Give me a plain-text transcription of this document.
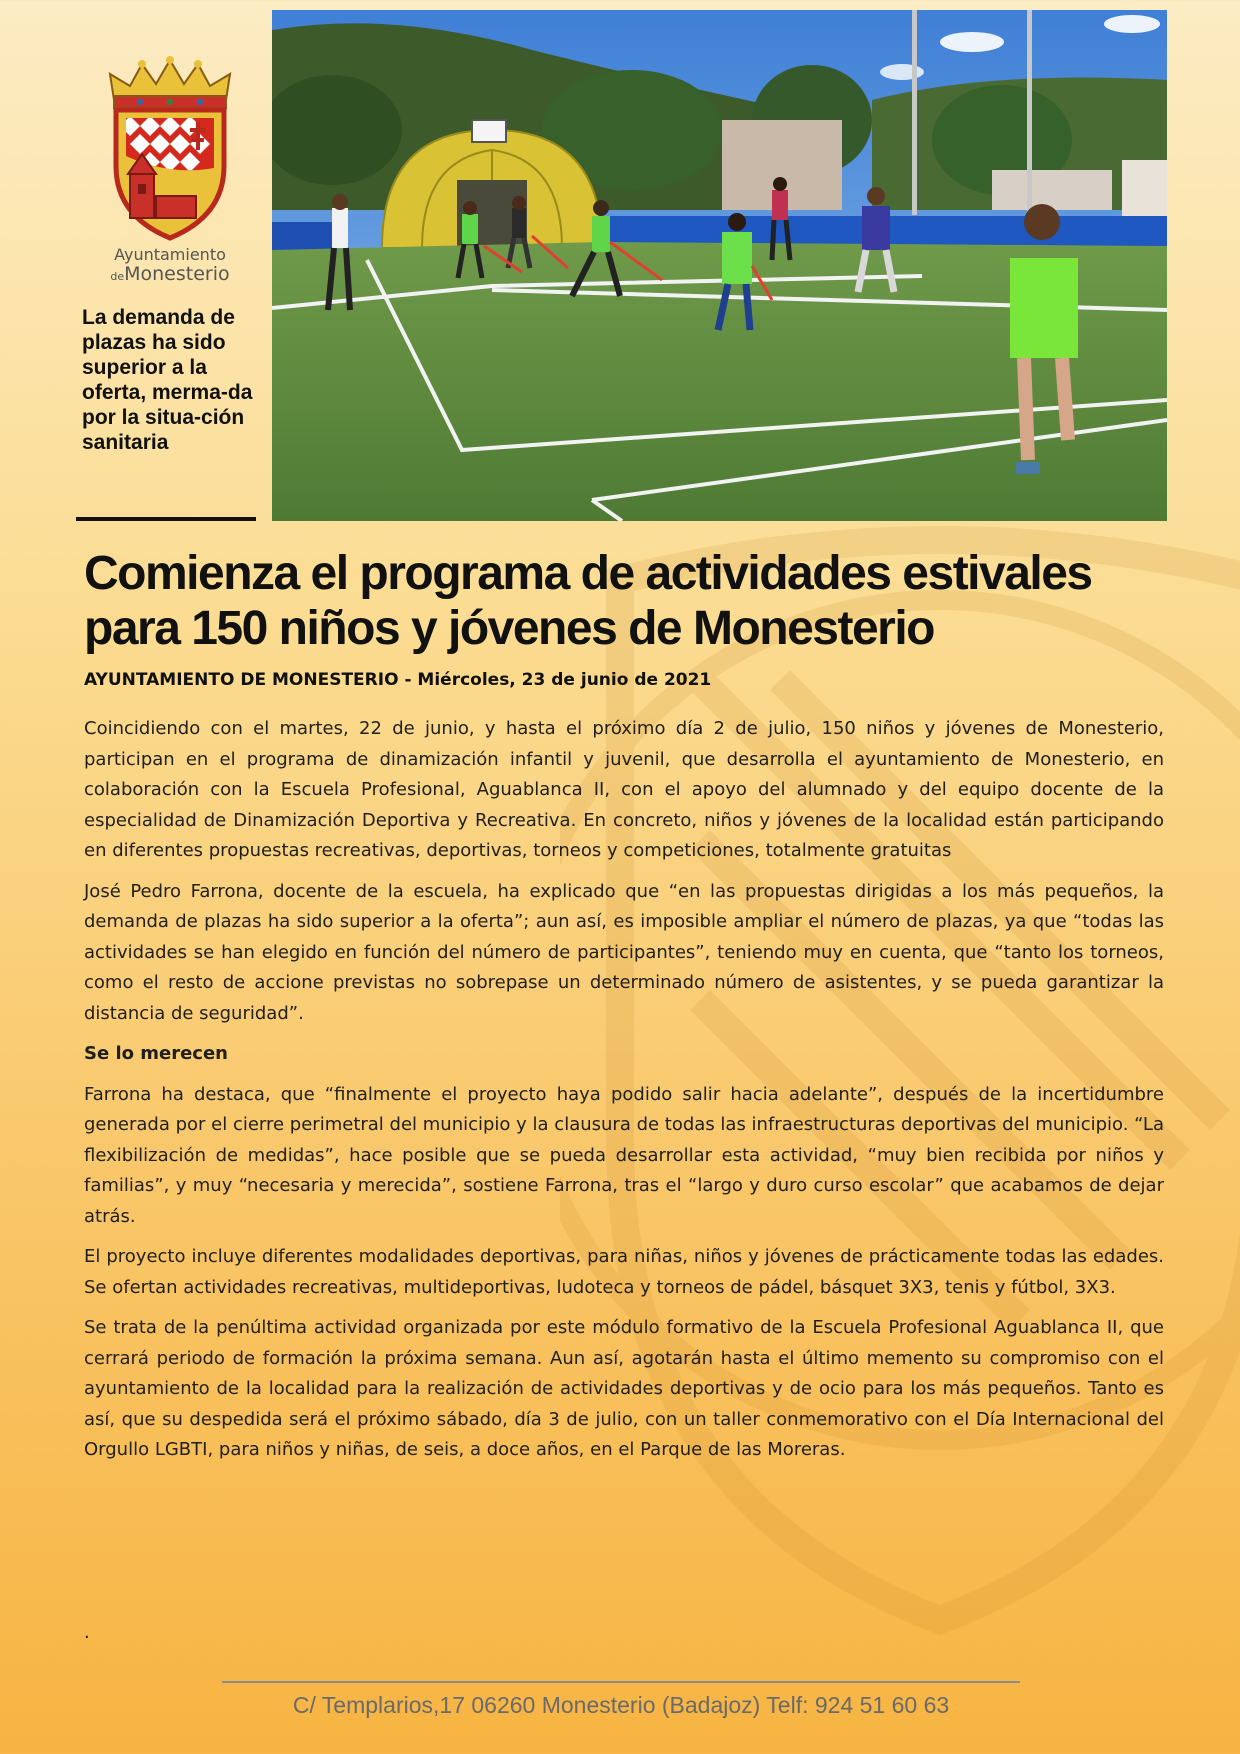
Ayuntamiento
deMonesterio
La demanda de plazas ha sido superior a la oferta, merma-da por la situa-ción sanitaria
Comienza el programa de actividades estivales para 150 niños y jóvenes de Monesterio
AYUNTAMIENTO DE MONESTERIO - Miércoles, 23 de junio de 2021

Coincidiendo con el martes, 22 de junio, y hasta el próximo día 2 de julio, 150 niños y jóvenes de Monesterio, participan en el programa de dinamización infantil y juvenil, que desarrolla el ayuntamiento de Monesterio, en colaboración con la Escuela Profesional, Aguablanca II, con el apoyo del alumnado y del equipo docente de la especialidad de Dinamización Deportiva y Recreativa. En concreto, niños y jóvenes de la localidad están participando en diferentes propuestas recreativas, deportivas, torneos y competiciones, totalmente gratuitas

José Pedro Farrona, docente de la escuela, ha explicado que “en las propuestas dirigidas a los más pequeños, la demanda de plazas ha sido superior a la oferta”; aun así, es imposible ampliar el número de plazas, ya que “todas las actividades se han elegido en función del número de participantes”, teniendo muy en cuenta, que “tanto los torneos, como el resto de accione previstas no sobrepase un determinado número de asistentes, y se pueda garantizar la distancia de seguridad”.

Se lo merecen

Farrona ha destaca, que “finalmente el proyecto haya podido salir hacia adelante”, después de la incertidumbre generada por el cierre perimetral del municipio y la clausura de todas las infraestructuras deportivas del municipio. “La flexibilización de medidas”, hace posible que se pueda desarrollar esta actividad, “muy bien recibida por niños y familias”, y muy “necesaria y merecida”, sostiene Farrona, tras el “largo y duro curso escolar” que acabamos de dejar atrás.

El proyecto incluye diferentes modalidades deportivas, para niñas, niños y jóvenes de prácticamente todas las edades. Se ofertan actividades recreativas, multideportivas, ludoteca y torneos de pádel, básquet 3X3, tenis y fútbol, 3X3.

Se trata de la penúltima actividad organizada por este módulo formativo de la Escuela Profesional Aguablanca II, que cerrará periodo de formación la próxima semana. Aun así, agotarán hasta el último memento su compromiso con el ayuntamiento de la localidad para la realización de actividades deportivas y de ocio para los más pequeños. Tanto es así, que su despedida será el próximo sábado, día 3 de julio, con un taller conmemorativo con el Día Internacional del Orgullo LGBTI, para niños y niñas, de seis, a doce años, en el Parque de las Moreras.

.
C/ Templarios,17 06260 Monesterio (Badajoz) Telf: 924 51 60 63
